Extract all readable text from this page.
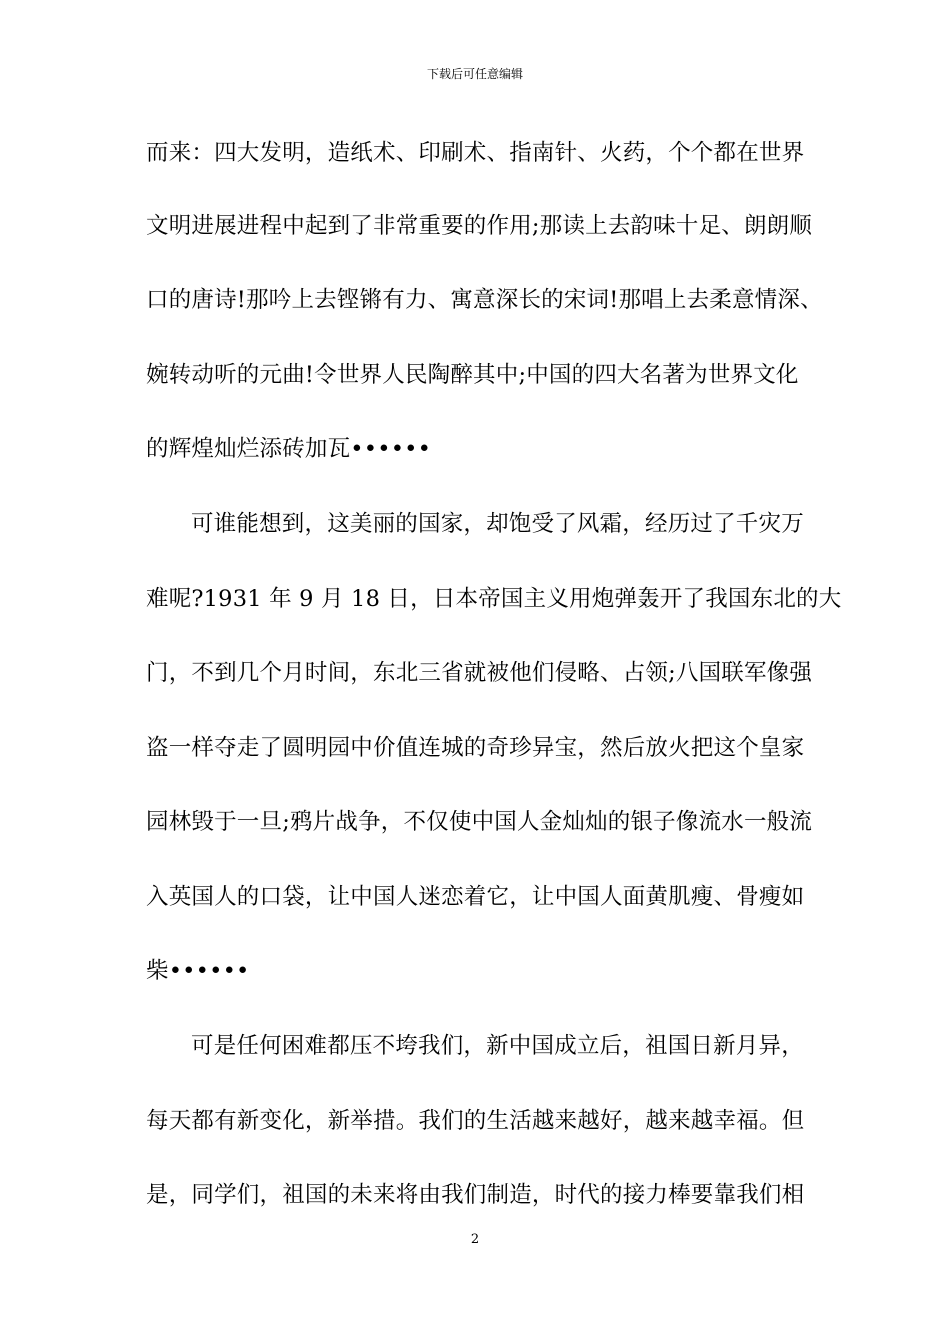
下载后可任意编辑
而来：四大发明，造纸术、印刷术、指南针、火药，个个都在世界
文明进展进程中起到了非常重要的作用;那读上去韵味十足、朗朗顺
口的唐诗!那吟上去铿锵有力、寓意深长的宋词!那唱上去柔意情深、
婉转动听的元曲!令世界人民陶醉其中;中国的四大名著为世界文化
的辉煌灿烂添砖加瓦••••••
可谁能想到，这美丽的国家，却饱受了风霜，经历过了千灾万
难呢?1931 年 9 月 18 日，日本帝国主义用炮弹轰开了我国东北的大
门，不到几个月时间，东北三省就被他们侵略、占领;八国联军像强
盗一样夺走了圆明园中价值连城的奇珍异宝，然后放火把这个皇家
园林毁于一旦;鸦片战争，不仅使中国人金灿灿的银子像流水一般流
入英国人的口袋，让中国人迷恋着它，让中国人面黄肌瘦、骨瘦如
柴••••••
可是任何困难都压不垮我们，新中国成立后，祖国日新月异，
每天都有新变化，新举措。我们的生活越来越好，越来越幸福。但
是，同学们，祖国的未来将由我们制造，时代的接力棒要靠我们相
2
